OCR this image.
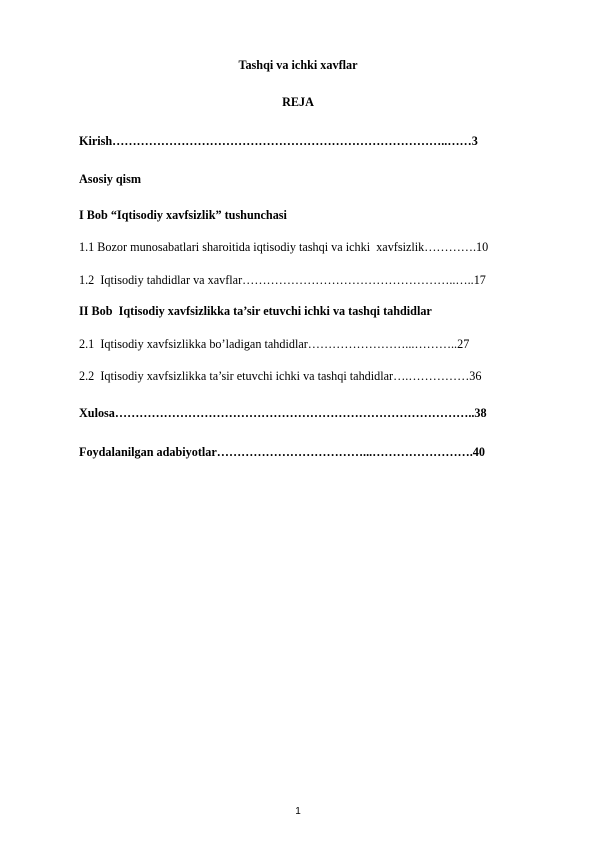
Tashqi va ichki xavflar
REJA
Kirish………………………………………………………………………..……3
Asosiy qism
I Bob “Iqtisodiy xavfsizlik” tushunchasi
1.1 Bozor munosabatlari sharoitida iqtisodiy tashqi va ichki  xavfsizlik………….10
1.2  Iqtisodiy tahdidlar va xavflar……………………………………………..…..17
II Bob  Iqtisodiy xavfsizlikka ta’sir etuvchi ichki va tashqi tahdidlar
2.1  Iqtisodiy xavfsizlikka bo’ladigan tahdidlar……………………...………..27
2.2  Iqtisodiy xavfsizlikka ta’sir etuvchi ichki va tashqi tahdidlar….……………36
Xulosa……………………………………………………………………………..38
Foydalanilgan adabiyotlar………………………………...…………………….40
1
